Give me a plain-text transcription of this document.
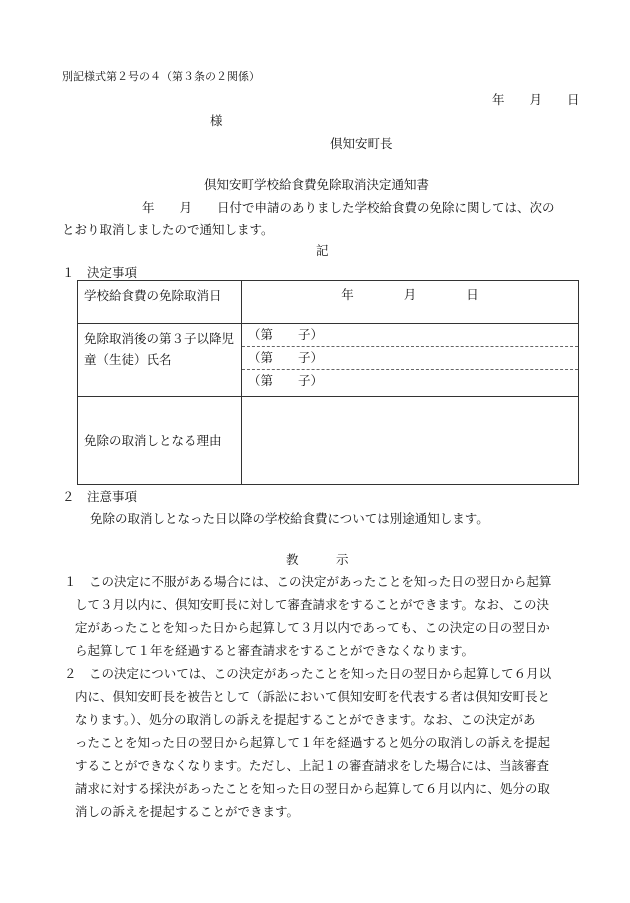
別記様式第２号の４（第３条の２関係）
年　　月　　日
様
倶知安町長
倶知安町学校給食費免除取消決定通知書
年　　月　　日付で申請のありました学校給食費の免除に関しては、次の
とおり取消しましたので通知します。
記
１　決定事項
学校給食費の免除取消日	年　　　　月　　　　日
免除取消後の第３子以降児童（生徒）氏名	（第　　子）
（第　　子）
（第　　子）

免除の取消しとなる理由	
２　注意事項
免除の取消しとなった日以降の学校給食費については別途通知します。
教　　　示
１ この決定に不服がある場合には、この決定があったことを知った日の翌日から起算
して３月以内に、倶知安町長に対して審査請求をすることができます。なお、この決
定があったことを知った日から起算して３月以内であっても、この決定の日の翌日か
ら起算して１年を経過すると審査請求をすることができなくなります。
２ この決定については、この決定があったことを知った日の翌日から起算して６月以
内に、倶知安町長を被告として（訴訟において倶知安町を代表する者は倶知安町長と
なります。）、処分の取消しの訴えを提起することができます。なお、この決定があ
ったことを知った日の翌日から起算して１年を経過すると処分の取消しの訴えを提起
することができなくなります。ただし、上記１の審査請求をした場合には、当該審査
請求に対する採決があったことを知った日の翌日から起算して６月以内に、処分の取
消しの訴えを提起することができます。
